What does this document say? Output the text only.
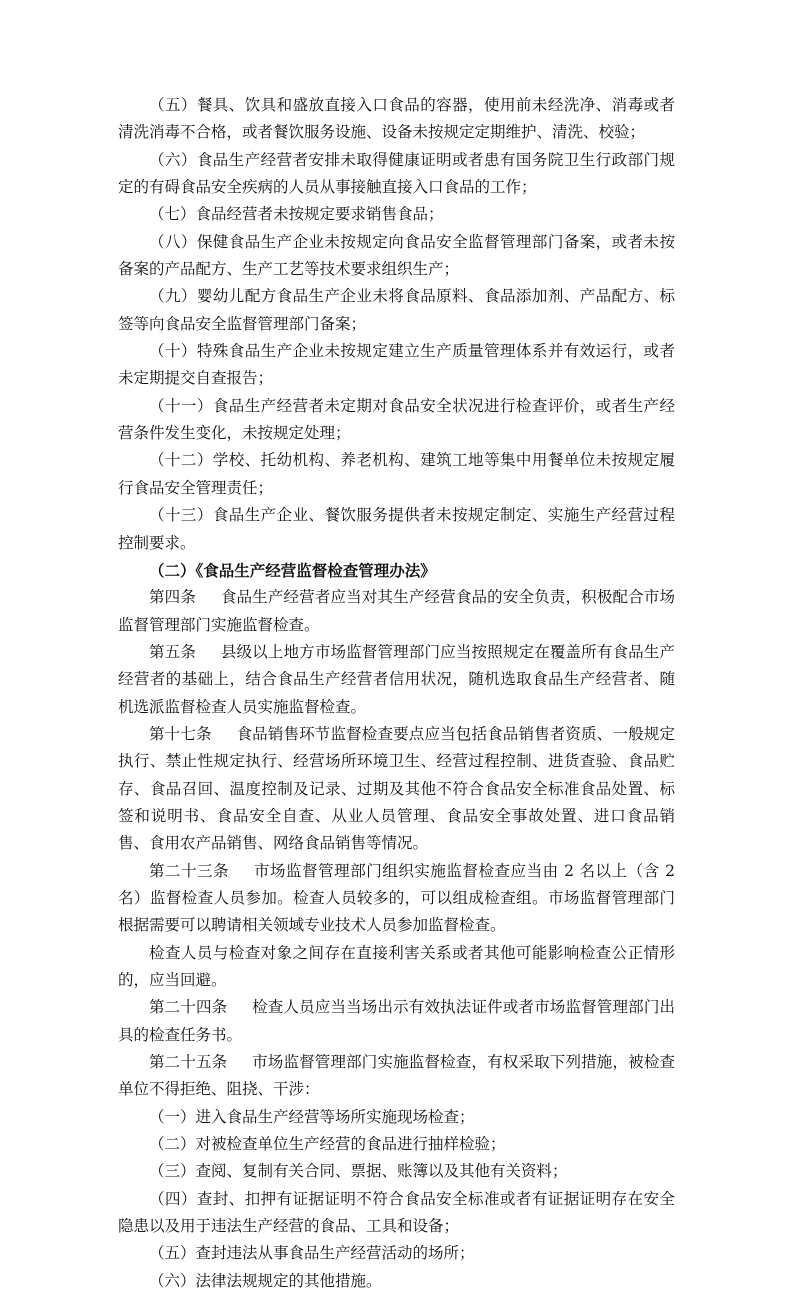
（五）餐具、饮具和盛放直接入口食品的容器，使用前未经洗净、消毒或者清洗消毒不合格，或者餐饮服务设施、设备未按规定定期维护、清洗、校验；
（六）食品生产经营者安排未取得健康证明或者患有国务院卫生行政部门规定的有碍食品安全疾病的人员从事接触直接入口食品的工作；
（七）食品经营者未按规定要求销售食品；
（八）保健食品生产企业未按规定向食品安全监督管理部门备案，或者未按备案的产品配方、生产工艺等技术要求组织生产；
（九）婴幼儿配方食品生产企业未将食品原料、食品添加剂、产品配方、标签等向食品安全监督管理部门备案；
（十）特殊食品生产企业未按规定建立生产质量管理体系并有效运行，或者未定期提交自查报告；
（十一）食品生产经营者未定期对食品安全状况进行检查评价，或者生产经营条件发生变化，未按规定处理；
（十二）学校、托幼机构、养老机构、建筑工地等集中用餐单位未按规定履行食品安全管理责任；
（十三）食品生产企业、餐饮服务提供者未按规定制定、实施生产经营过程控制要求。
（二）《食品生产经营监督检查管理办法》
第四条 食品生产经营者应当对其生产经营食品的安全负责，积极配合市场监督管理部门实施监督检查。
第五条 县级以上地方市场监督管理部门应当按照规定在覆盖所有食品生产经营者的基础上，结合食品生产经营者信用状况，随机选取食品生产经营者、随机选派监督检查人员实施监督检查。
第十七条 食品销售环节监督检查要点应当包括食品销售者资质、一般规定执行、禁止性规定执行、经营场所环境卫生、经营过程控制、进货查验、食品贮存、食品召回、温度控制及记录、过期及其他不符合食品安全标准食品处置、标签和说明书、食品安全自查、从业人员管理、食品安全事故处置、进口食品销售、食用农产品销售、网络食品销售等情况。
第二十三条 市场监督管理部门组织实施监督检查应当由 2 名以上（含 2 名）监督检查人员参加。检查人员较多的，可以组成检查组。市场监督管理部门根据需要可以聘请相关领域专业技术人员参加监督检查。
检查人员与检查对象之间存在直接利害关系或者其他可能影响检查公正情形的，应当回避。
第二十四条 检查人员应当当场出示有效执法证件或者市场监督管理部门出具的检查任务书。
第二十五条 市场监督管理部门实施监督检查，有权采取下列措施，被检查单位不得拒绝、阻挠、干涉：
（一）进入食品生产经营等场所实施现场检查；
（二）对被检查单位生产经营的食品进行抽样检验；
（三）查阅、复制有关合同、票据、账簿以及其他有关资料；
（四）查封、扣押有证据证明不符合食品安全标准或者有证据证明存在安全隐患以及用于违法生产经营的食品、工具和设备；
（五）查封违法从事食品生产经营活动的场所；
（六）法律法规规定的其他措施。
